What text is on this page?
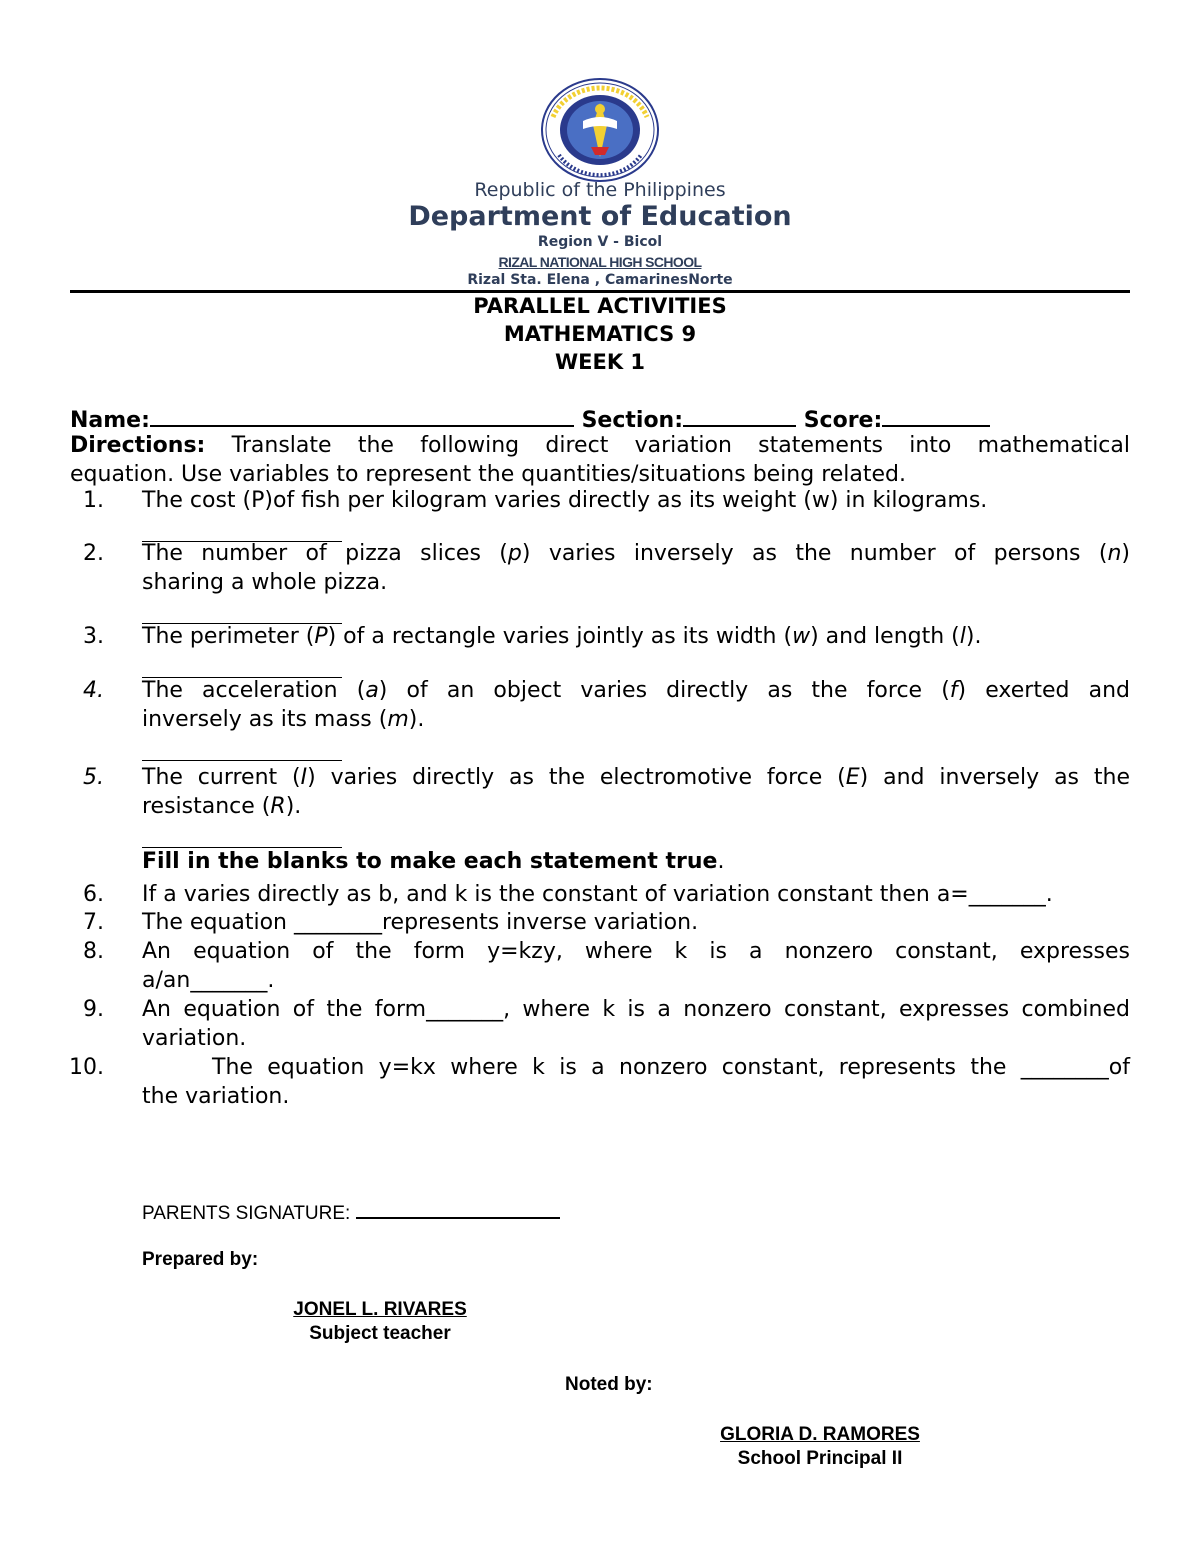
Republic of the Philippines
Department of Education
Region V - Bicol
RIZAL NATIONAL HIGH SCHOOL
Rizal Sta. Elena , CamarinesNorte
PARALLEL ACTIVITIES
MATHEMATICS 9
WEEK 1
Name:	Section:	Score:
Directions: Translate the following direct variation statements into mathematical
equation. Use variables to represent the quantities/situations being related.
1. The cost (P)of fish per kilogram varies directly as its weight (w) in kilograms.
2. The number of pizza slices (p) varies inversely as the number of persons (n)
sharing a whole pizza.
3. The perimeter (P) of a rectangle varies jointly as its width (w) and length (l).
4. The acceleration (a) of an object varies directly as the force (f) exerted and
inversely as its mass (m).
5. The current (I) varies directly as the electromotive force (E) and inversely as the
resistance (R).
Fill in the blanks to make each statement true.
6. If a varies directly as b, and k is the constant of variation constant then a=_______.
7. The equation ________represents inverse variation.
8. An equation of the form y=kzy, where k is a nonzero constant, expresses
a/an_______.
9. An equation of the form_______, where k is a nonzero constant, expresses combined
variation.
10.	The equation y=kx where k is a nonzero constant, represents the ________of
the variation.
PARENTS SIGNATURE:
Prepared by:
JONEL L. RIVARES
Subject teacher
Noted by:
GLORIA D. RAMORES
School Principal II
